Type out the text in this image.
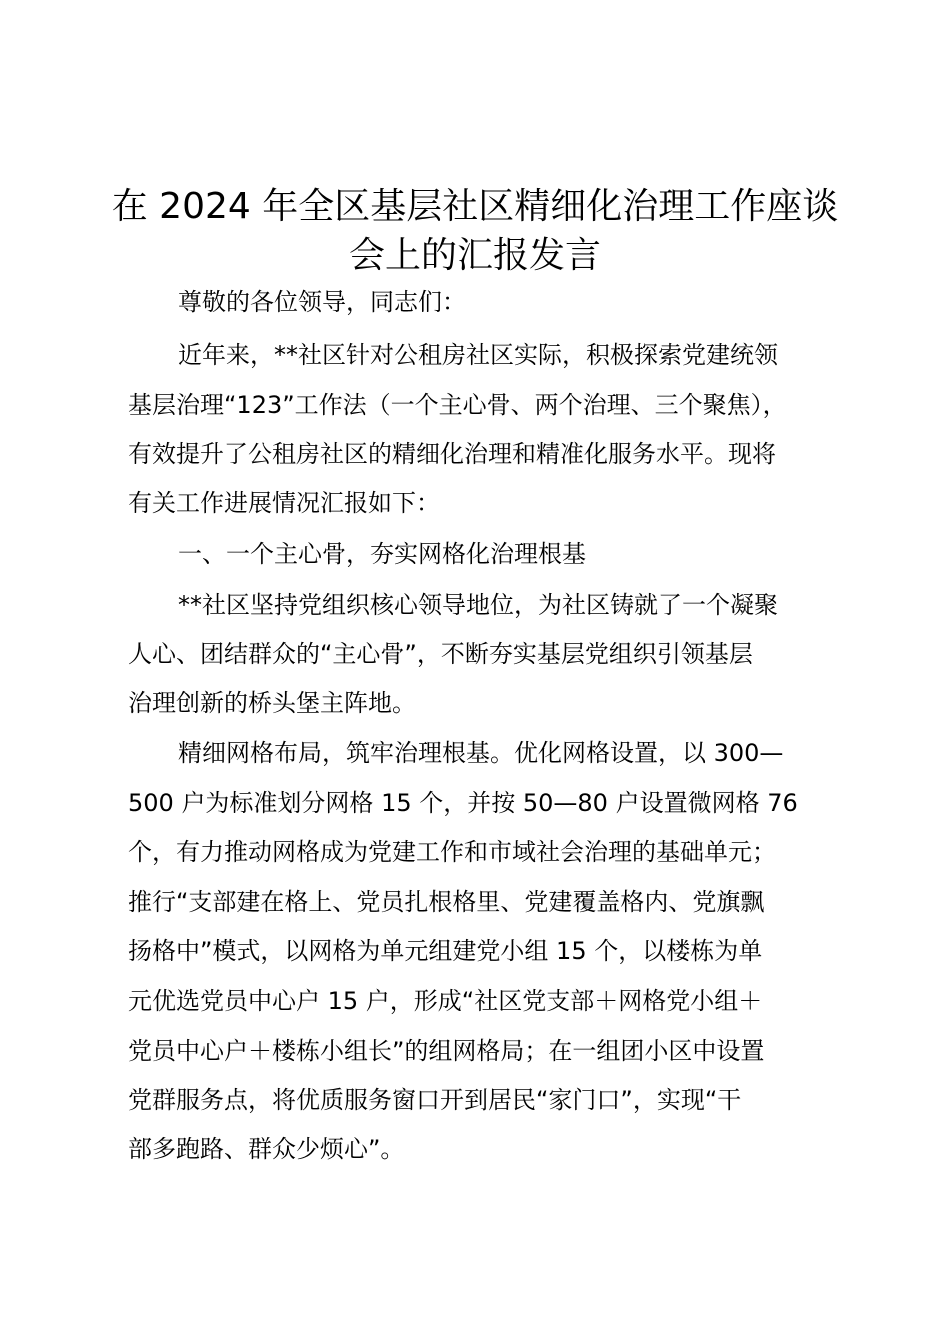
在 2024 年全区基层社区精细化治理工作座谈
会上的汇报发言

尊敬的各位领导，同志们：

近年来，**社区针对公租房社区实际，积极探索党建统领

基层治理“123”工作法（一个主心骨、两个治理、三个聚焦），

有效提升了公租房社区的精细化治理和精准化服务水平。现将

有关工作进展情况汇报如下：

一、一个主心骨，夯实网格化治理根基

**社区坚持党组织核心领导地位，为社区铸就了一个凝聚

人心、团结群众的“主心骨”，不断夯实基层党组织引领基层

治理创新的桥头堡主阵地。

精细网格布局，筑牢治理根基。优化网格设置，以 300—

500 户为标准划分网格 15 个，并按 50—80 户设置微网格 76

个，有力推动网格成为党建工作和市域社会治理的基础单元；

推行“支部建在格上、党员扎根格里、党建覆盖格内、党旗飘

扬格中”模式，以网格为单元组建党小组 15 个，以楼栋为单

元优选党员中心户 15 户，形成“社区党支部＋网格党小组＋

党员中心户＋楼栋小组长”的组网格局；在一组团小区中设置

党群服务点，将优质服务窗口开到居民“家门口”，实现“干

部多跑路、群众少烦心”。
